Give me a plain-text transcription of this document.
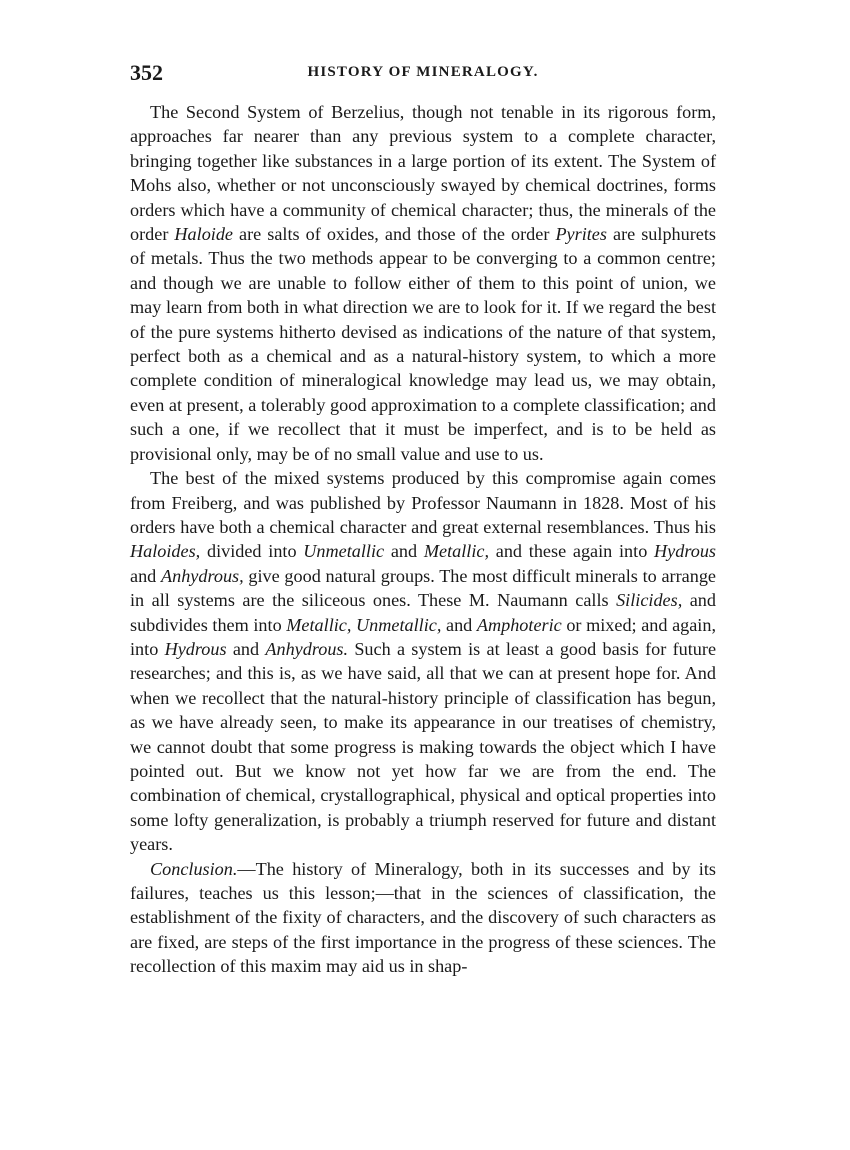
352	HISTORY OF MINERALOGY.

The Second System of Berzelius, though not tenable in its rigorous form, approaches far nearer than any previous system to a complete character, bringing together like substances in a large portion of its extent. The System of Mohs also, whether or not unconsciously swayed by chemical doctrines, forms orders which have a community of chemical character; thus, the minerals of the order Haloide are salts of oxides, and those of the order Pyrites are sulphurets of metals. Thus the two methods appear to be converging to a common centre; and though we are unable to follow either of them to this point of union, we may learn from both in what direction we are to look for it. If we regard the best of the pure systems hitherto devised as indications of the nature of that system, perfect both as a chemical and as a natural-history system, to which a more complete condition of mineralogical knowledge may lead us, we may obtain, even at present, a tolerably good approximation to a complete classification; and such a one, if we recollect that it must be imperfect, and is to be held as provisional only, may be of no small value and use to us.

The best of the mixed systems produced by this compromise again comes from Freiberg, and was published by Professor Naumann in 1828. Most of his orders have both a chemical character and great external resemblances. Thus his Haloides, divided into Unmetallic and Metallic, and these again into Hydrous and Anhydrous, give good natural groups. The most difficult minerals to arrange in all systems are the siliceous ones. These M. Naumann calls Silicides, and subdivides them into Metallic, Unmetallic, and Amphoteric or mixed; and again, into Hydrous and Anhydrous. Such a system is at least a good basis for future researches; and this is, as we have said, all that we can at present hope for. And when we recollect that the natural-history principle of classification has begun, as we have already seen, to make its appearance in our treatises of chemistry, we cannot doubt that some progress is making towards the object which I have pointed out. But we know not yet how far we are from the end. The combination of chemical, crystallographical, physical and optical properties into some lofty generalization, is probably a triumph reserved for future and distant years.

Conclusion.—The history of Mineralogy, both in its successes and by its failures, teaches us this lesson;—that in the sciences of classification, the establishment of the fixity of characters, and the discovery of such characters as are fixed, are steps of the first importance in the progress of these sciences. The recollection of this maxim may aid us in shap-
